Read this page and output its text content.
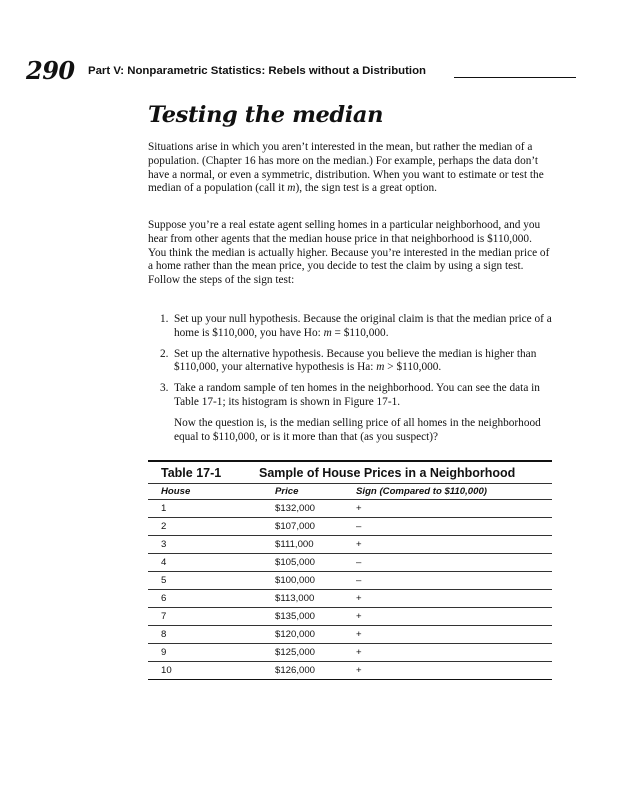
290 Part V: Nonparametric Statistics: Rebels without a Distribution
Testing the median

Situations arise in which you aren’t interested in the mean, but rather the median of a population. (Chapter 16 has more on the median.) For example, perhaps the data don’t have a normal, or even a symmetric, distribution. When you want to estimate or test the median of a population (call it m), the sign test is a great option.

Suppose you’re a real estate agent selling homes in a particular neighborhood, and you hear from other agents that the median house price in that neighborhood is $110,000. You think the median is actually higher. Because you’re interested in the median price of a home rather than the mean price, you decide to test the claim by using a sign test. Follow the steps of the sign test:

1. Set up your null hypothesis. Because the original claim is that the median price of a home is $110,000, you have Ho: m = $110,000.
2. Set up the alternative hypothesis. Because you believe the median is higher than $110,000, your alternative hypothesis is Ha: m > $110,000.
3. Take a random sample of ten homes in the neighborhood. You can see the data in Table 17-1; its histogram is shown in Figure 17-1.
Now the question is, is the median selling price of all homes in the neighborhood equal to $110,000, or is it more than that (as you suspect)?
Table 17-1	Sample of House Prices in a Neighborhood
House	Price	Sign (Compared to $110,000)
1	$132,000	+
2	$107,000	–
3	$111,000	+
4	$105,000	–
5	$100,000	–
6	$113,000	+
7	$135,000	+
8	$120,000	+
9	$125,000	+
10	$126,000	+
